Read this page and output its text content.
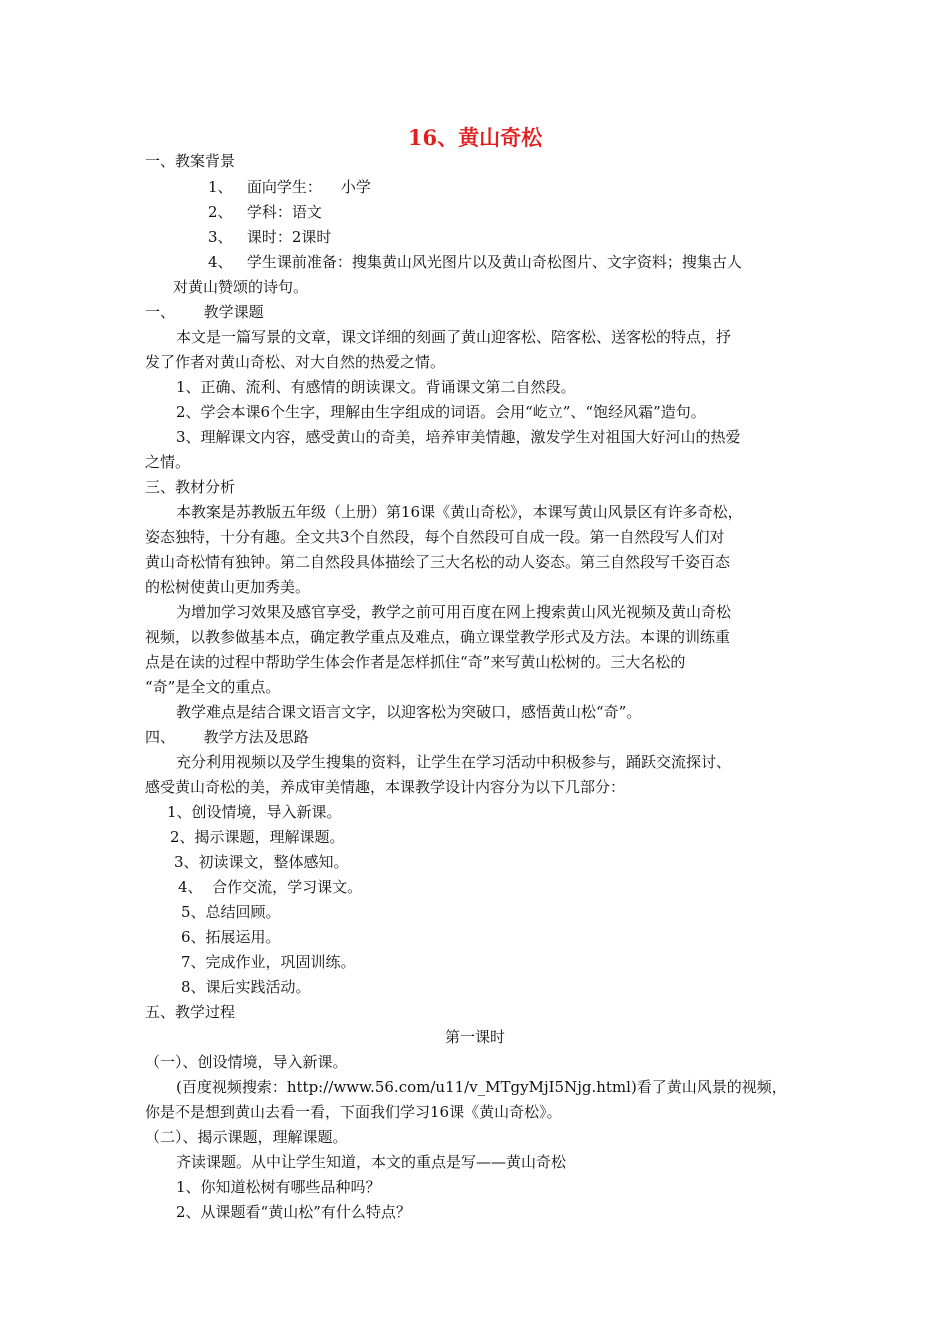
16、黄山奇松
一、教案背景
1、   面向学生：    小学
2、   学科：语文
3、   课时：2课时
4、   学生课前准备：搜集黄山风光图片以及黄山奇松图片、文字资料；搜集古人
对黄山赞颂的诗句。
一、      教学课题
本文是一篇写景的文章，课文详细的刻画了黄山迎客松、陪客松、送客松的特点，抒
发了作者对黄山奇松、对大自然的热爱之情。
1、正确、流利、有感情的朗读课文。背诵课文第二自然段。
2、学会本课6个生字，理解由生字组成的词语。会用“屹立”、“饱经风霜”造句。
3、理解课文内容，感受黄山的奇美，培养审美情趣，激发学生对祖国大好河山的热爱
之情。
三、教材分析
本教案是苏教版五年级（上册）第16课《黄山奇松》，本课写黄山风景区有许多奇松，
姿态独特，十分有趣。全文共3个自然段，每个自然段可自成一段。第一自然段写人们对
黄山奇松情有独钟。第二自然段具体描绘了三大名松的动人姿态。第三自然段写千姿百态
的松树使黄山更加秀美。
为增加学习效果及感官享受，教学之前可用百度在网上搜索黄山风光视频及黄山奇松
视频，以教参做基本点，确定教学重点及难点，确立课堂教学形式及方法。本课的训练重
点是在读的过程中帮助学生体会作者是怎样抓住“奇”来写黄山松树的。三大名松的
“奇”是全文的重点。
教学难点是结合课文语言文字，以迎客松为突破口，感悟黄山松“奇”。
四、      教学方法及思路
充分利用视频以及学生搜集的资料，让学生在学习活动中积极参与，踊跃交流探讨、
感受黄山奇松的美，养成审美情趣，本课教学设计内容分为以下几部分：
1、创设情境，导入新课。
2、揭示课题，理解课题。
3、初读课文，整体感知。
4、  合作交流，学习课文。
5、总结回顾。
6、拓展运用。
7、完成作业，巩固训练。
8、课后实践活动。
五、教学过程
第一课时
（一）、创设情境，导入新课。
(百度视频搜索：http://www.56.com/u11/v_MTgyMjI5Njg.html)看了黄山风景的视频，
你是不是想到黄山去看一看，下面我们学习16课《黄山奇松》。
（二）、揭示课题，理解课题。
齐读课题。从中让学生知道，本文的重点是写——黄山奇松
1、你知道松树有哪些品种吗？
2、从课题看“黄山松”有什么特点？
